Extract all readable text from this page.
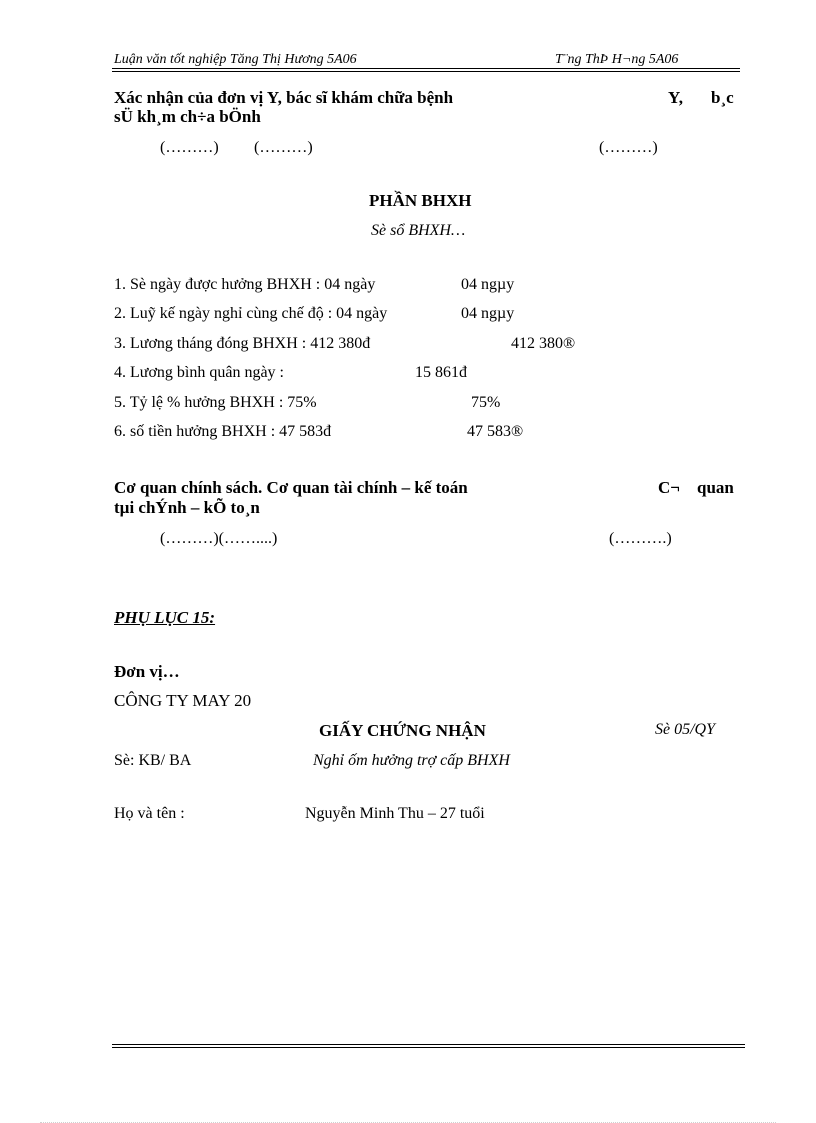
Luận văn tốt nghiệp Tăng Thị Hương 5A06	T¨ng ThÞ H¬ng 5A06
Xác nhận của đơn vị Y, bác sĩ khám chữa bệnh	Y, b¸c
sÜ kh¸m ch÷a bÖnh
(………) (………)	(………)
PHẦN BHXH
Sè sổ BHXH…
1. Sè ngày được hưởng BHXH : 04 ngày	04 ngµy
2. Luỹ kế ngày nghỉ cùng chế độ : 04 ngày	04 ngµy
3. Lương tháng đóng BHXH : 412 380đ	412 380®
4. Lương bình quân ngày :	15 861đ
5. Tỷ lệ % hưởng BHXH : 75%	75%
6. số tiền hưởng BHXH : 47 583đ	47 583®
Cơ quan chính sách. Cơ quan tài chính – kế toán	C¬ quan
tµi chÝnh – kÕ to¸n
(………)(……....)	(……….)
PHỤ LỤC 15:
Đơn vị…
CÔNG TY MAY 20
GIẤY CHỨNG NHẬN	Sè 05/QY
Sè: KB/ BA	Nghỉ ốm hưởng trợ cấp BHXH
Họ và tên :	Nguyễn Minh Thu – 27 tuổi
